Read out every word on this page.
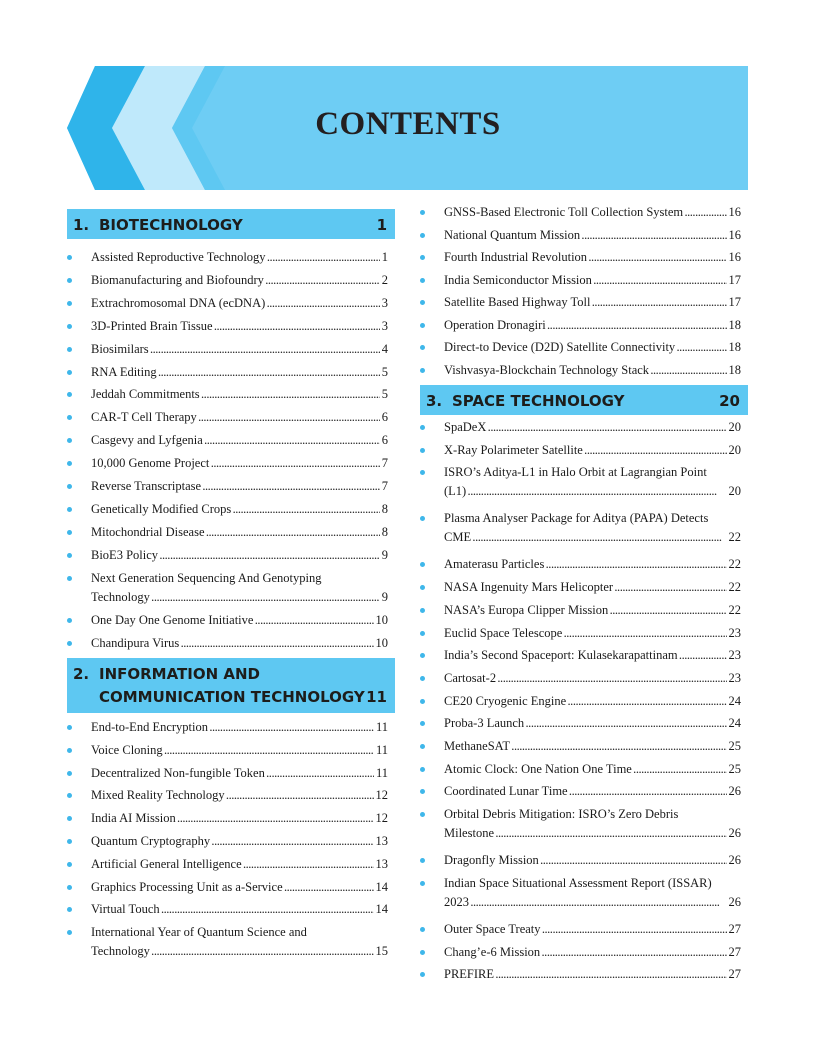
CONTENTS
1. BIOTECHNOLOGY	1
Assisted Reproductive Technology . . .	1
Biomanufacturing and Biofoundry . . .	2
Extrachromosomal DNA (ecDNA) . . .	3
3D-Printed Brain Tissue . . .	3
Biosimilars . . .	4
RNA Editing . . .	5
Jeddah Commitments . . .	5
CAR-T Cell Therapy . . .	6
Casgevy and Lyfgenia . . .	6
10,000 Genome Project . . .	7
Reverse Transcriptase . . .	7
Genetically Modified Crops . . .	8
Mitochondrial Disease . . .	8
BioE3 Policy . . .	9
Next Generation Sequencing And Genotyping
Technology . . .	9
One Day One Genome Initiative . . .	10
Chandipura Virus . . .	10
2. INFORMATION AND
COMMUNICATION TECHNOLOGY 11
End-to-End Encryption . . .	11
Voice Cloning . . .	11
Decentralized Non-fungible Token . . .	11
Mixed Reality Technology . . .	12
India AI Mission . . .	12
Quantum Cryptography . . .	13
Artificial General Intelligence . . .	13
Graphics Processing Unit as a-Service . . .	14
Virtual Touch . . .	14
International Year of Quantum Science and
Technology . . .	15
GNSS-Based Electronic Toll Collection System . . .	16
National Quantum Mission . . .	16
Fourth Industrial Revolution . . .	16
India Semiconductor Mission . . .	17
Satellite Based Highway Toll . . .	17
Operation Dronagiri . . .	18
Direct-to Device (D2D) Satellite Connectivity . . .	18
Vishvasya-Blockchain Technology Stack . . .	18
3. SPACE TECHNOLOGY	20
SpaDeX . . .	20
X-Ray Polarimeter Satellite . . .	20
ISRO’s Aditya-L1 in Halo Orbit at Lagrangian Point
(L1) . . .	20
Plasma Analyser Package for Aditya (PAPA) Detects
CME . . .	22
Amaterasu Particles . . .	22
NASA Ingenuity Mars Helicopter . . .	22
NASA’s Europa Clipper Mission . . .	22
Euclid Space Telescope . . .	23
India’s Second Spaceport: Kulasekarapattinam . . .	23
Cartosat-2 . . .	23
CE20 Cryogenic Engine . . .	24
Proba-3 Launch . . .	24
MethaneSAT . . .	25
Atomic Clock: One Nation One Time . . .	25
Coordinated Lunar Time . . .	26
Orbital Debris Mitigation: ISRO’s Zero Debris
Milestone . . .	26
Dragonfly Mission . . .	26
Indian Space Situational Assessment Report (ISSAR)
2023 . . .	26
Outer Space Treaty . . .	27
Chang’e-6 Mission . . .	27
PREFIRE . . .	27
